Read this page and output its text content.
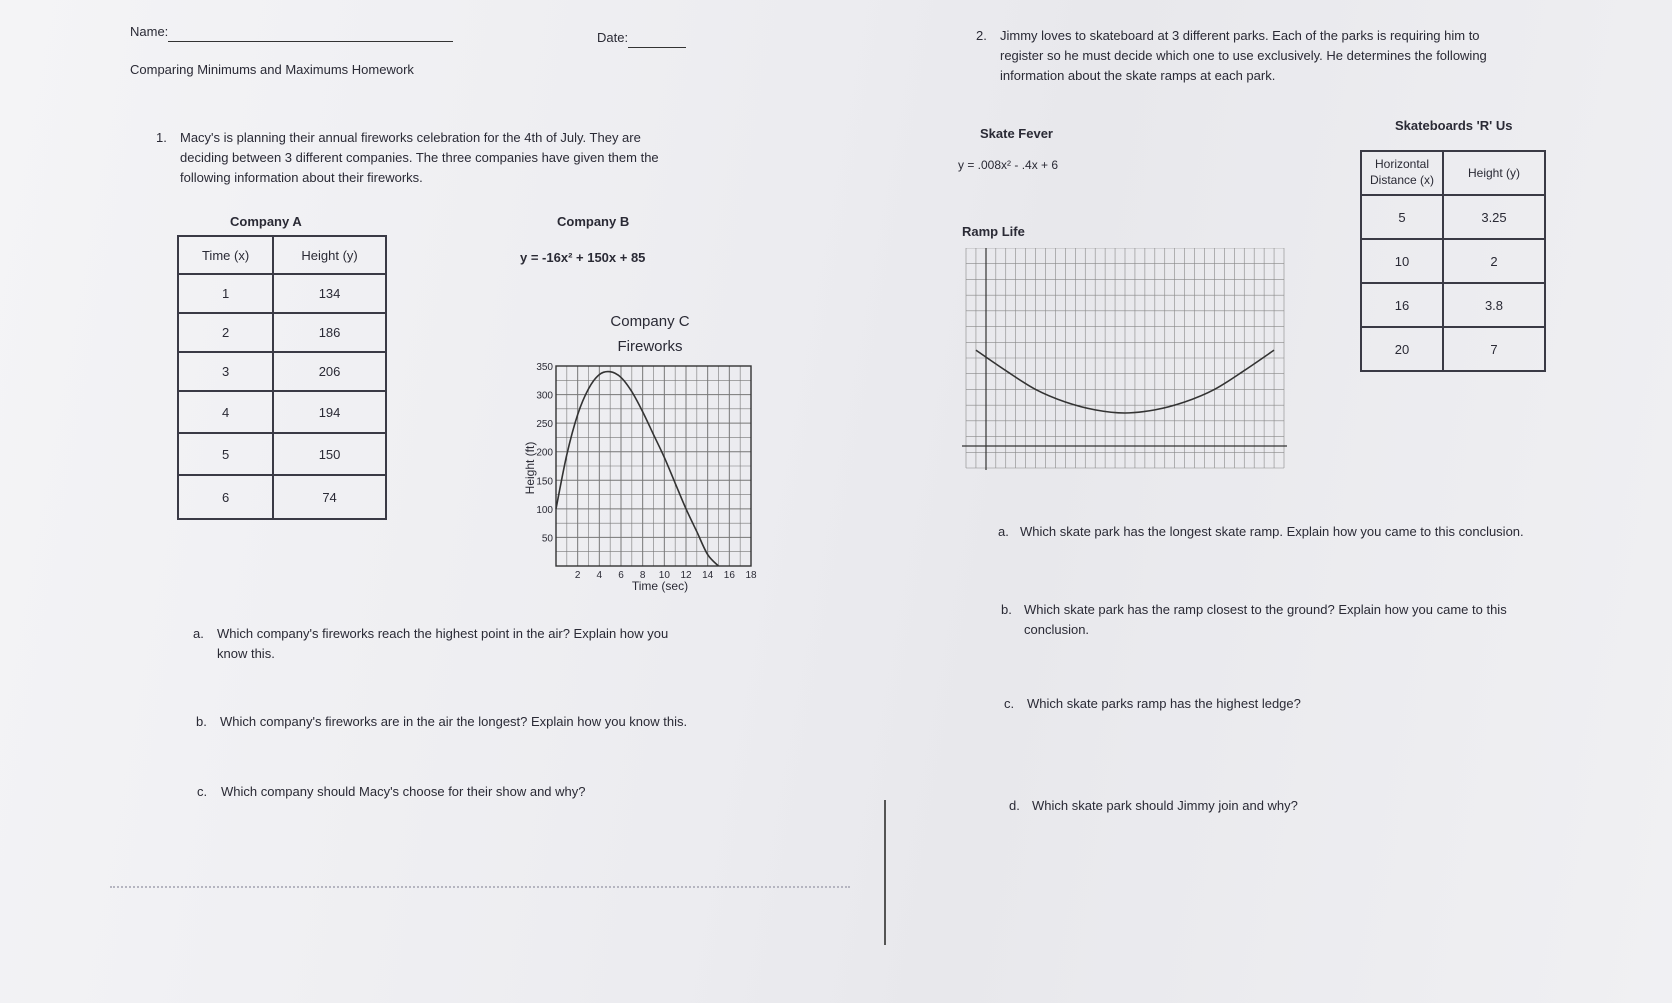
Name:	Date:
Comparing Minimums and Maximums Homework
1. Macy's is planning their annual fireworks celebration for the 4th of July. They are
deciding between 3 different companies. The three companies have given them the
following information about their fireworks.
Company A
Time (x)	Height (y)
1	134
2	186
3	206
4	194
5	150
6	74
Company B
y = -16x² + 150x + 85
Company C
Fireworks
Height (ft)
Time (sec)
350
300
250
200
150
100
50
2 4 6 8 10 12 14 16 18
a. Which company's fireworks reach the highest point in the air? Explain how you
know this.
b. Which company's fireworks are in the air the longest? Explain how you know this.
c. Which company should Macy's choose for their show and why?
2. Jimmy loves to skateboard at 3 different parks. Each of the parks is requiring him to
register so he must decide which one to use exclusively. He determines the following
information about the skate ramps at each park.
Skate Fever
y = .008x² - .4x + 6
Skateboards 'R' Us
Horizontal Distance (x)	Height (y)
5	3.25
10	2
16	3.8
20	7
Ramp Life
a. Which skate park has the longest skate ramp. Explain how you came to this conclusion.
b. Which skate park has the ramp closest to the ground? Explain how you came to this
conclusion.
c. Which skate parks ramp has the highest ledge?
d. Which skate park should Jimmy join and why?
